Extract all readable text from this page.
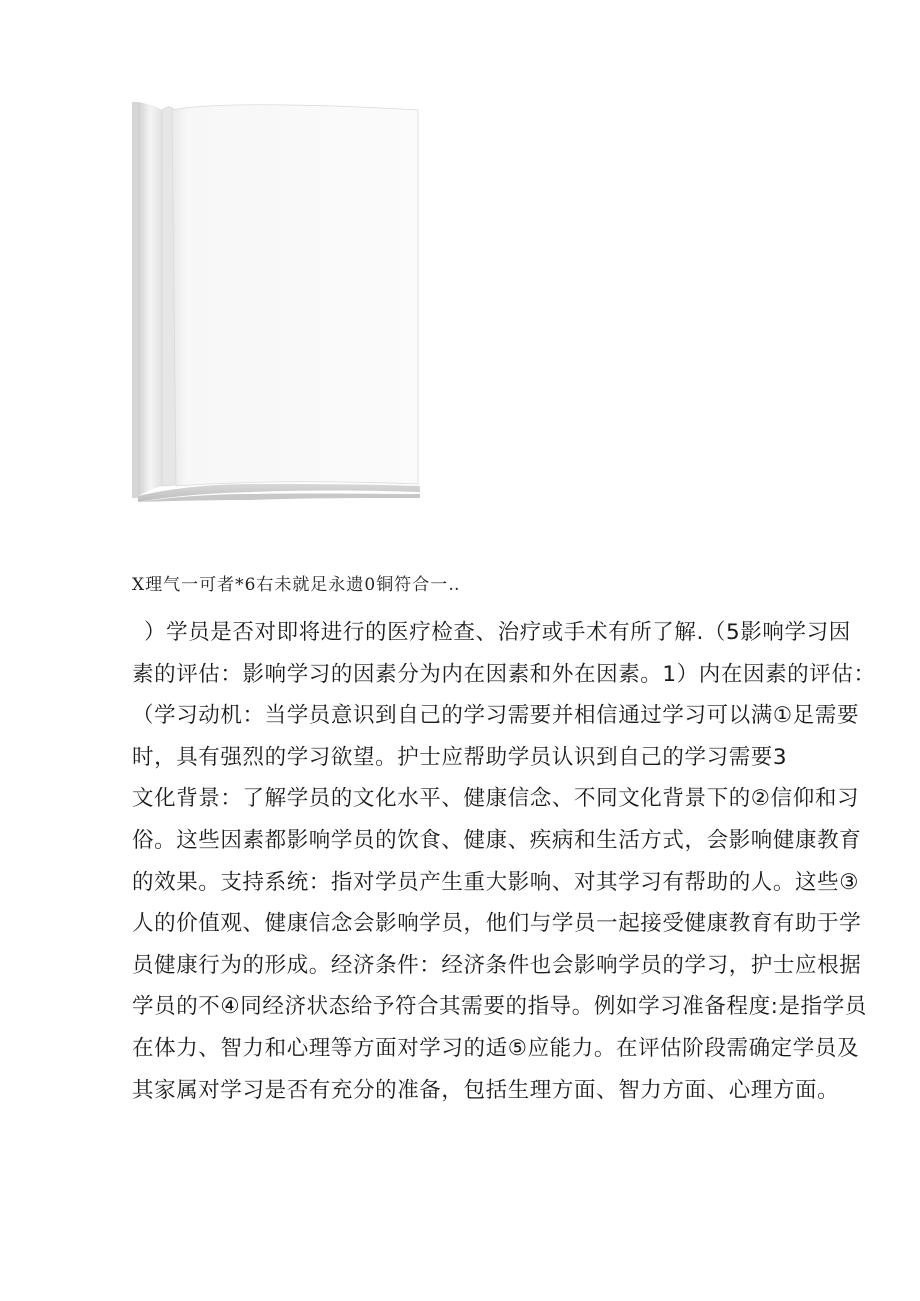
X理气一可者*6右未就足永遗0铜符合一‥
）学员是否对即将进行的医疗检查、治疗或手术有所了解.（5影响学习因
素的评估：影响学习的因素分为内在因素和外在因素。1）内在因素的评估：
（学习动机：当学员意识到自己的学习需要并相信通过学习可以满①足需要
时，具有强烈的学习欲望。护士应帮助学员认识到自己的学习需要3
文化背景：了解学员的文化水平、健康信念、不同文化背景下的②信仰和习
俗。这些因素都影响学员的饮食、健康、疾病和生活方式，会影响健康教育
的效果。支持系统：指对学员产生重大影响、对其学习有帮助的人。这些③
人的价值观、健康信念会影响学员，他们与学员一起接受健康教育有助于学
员健康行为的形成。经济条件：经济条件也会影响学员的学习，护士应根据
学员的不④同经济状态给予符合其需要的指导。例如学习准备程度:是指学员
在体力、智力和心理等方面对学习的适⑤应能力。在评估阶段需确定学员及
其家属对学习是否有充分的准备，包括生理方面、智力方面、心理方面。
